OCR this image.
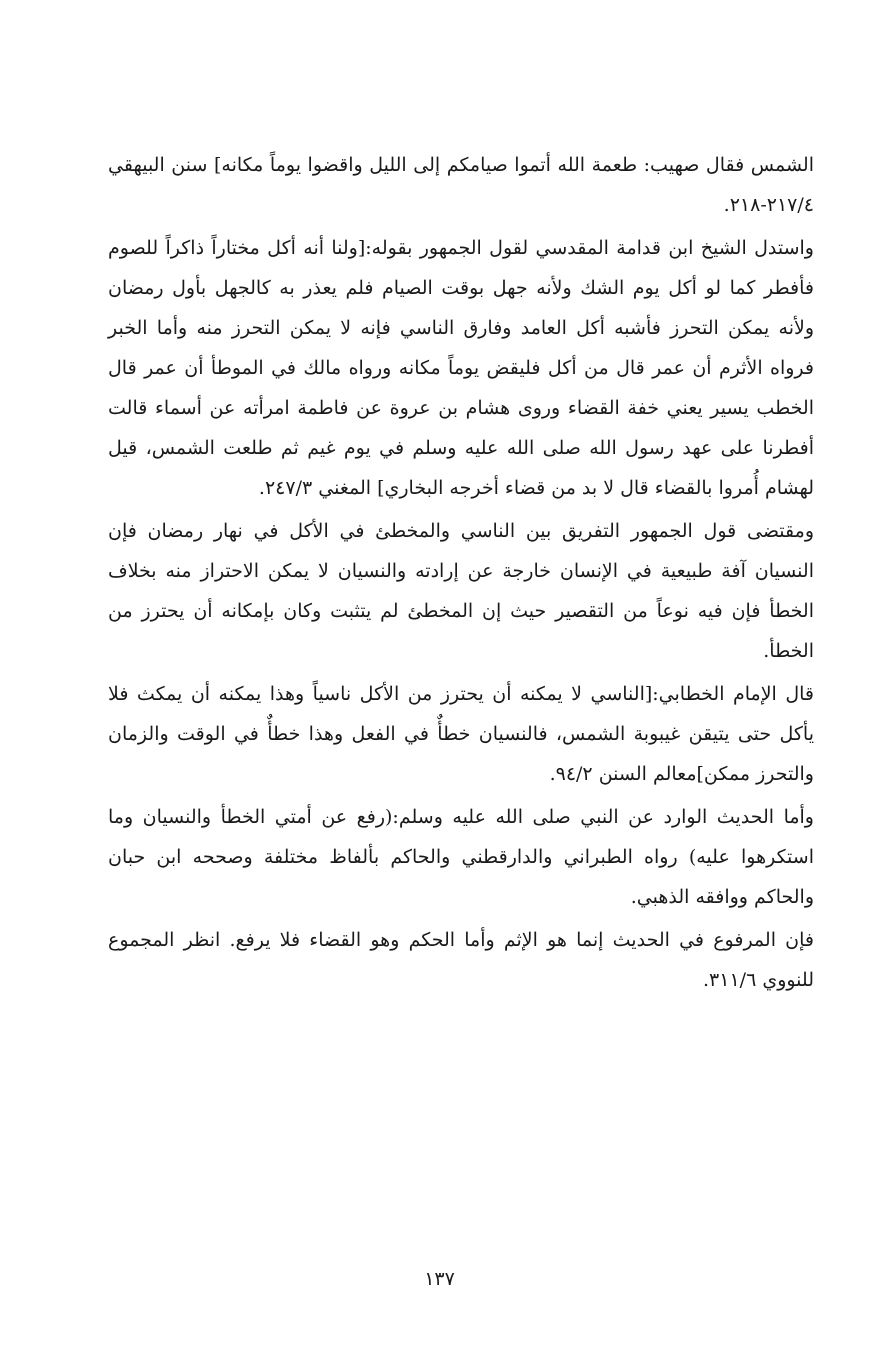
الشمس فقال صهيب: طعمة الله أتموا صيامكم إلى الليل واقضوا يوماً مكانه] سنن البيهقي ٢١٧/٤-٢١٨.

واستدل الشيخ ابن قدامة المقدسي لقول الجمهور بقوله:[ولنا أنه أكل مختاراً ذاكراً للصوم فأفطر كما لو أكل يوم الشك ولأنه جهل بوقت الصيام فلم يعذر به كالجهل بأول رمضان ولأنه يمكن التحرز فأشبه أكل العامد وفارق الناسي فإنه لا يمكن التحرز منه وأما الخبر فرواه الأثرم أن عمر قال من أكل فليقض يوماً مكانه ورواه مالك في الموطأ أن عمر قال الخطب يسير يعني خفة القضاء وروى هشام بن عروة عن فاطمة امرأته عن أسماء قالت أفطرنا على عهد رسول الله صلى الله عليه وسلم في يوم غيم ثم طلعت الشمس، قيل لهشام أُمروا بالقضاء قال لا بد من قضاء أخرجه البخاري] المغني ٢٤٧/٣.

ومقتضى قول الجمهور التفريق بين الناسي والمخطئ في الأكل في نهار رمضان فإن النسيان آفة طبيعية في الإنسان خارجة عن إرادته والنسيان لا يمكن الاحتراز منه بخلاف الخطأ فإن فيه نوعاً من التقصير حيث إن المخطئ لم يتثبت وكان بإمكانه أن يحترز من الخطأ.

قال الإمام الخطابي:[الناسي لا يمكنه أن يحترز من الأكل ناسياً وهذا يمكنه أن يمكث فلا يأكل حتى يتيقن غيبوبة الشمس، فالنسيان خطأٌ في الفعل وهذا خطأٌ في الوقت والزمان والتحرز ممكن]معالم السنن ٩٤/٢.

وأما الحديث الوارد عن النبي صلى الله عليه وسلم:(رفع عن أمتي الخطأ والنسيان وما استكرهوا عليه) رواه الطبراني والدارقطني والحاكم بألفاظ مختلفة وصححه ابن حبان والحاكم ووافقه الذهبي.

فإن المرفوع في الحديث إنما هو الإثم وأما الحكم وهو القضاء فلا يرفع. انظر المجموع للنووي ٣١١/٦.

١٣٧
